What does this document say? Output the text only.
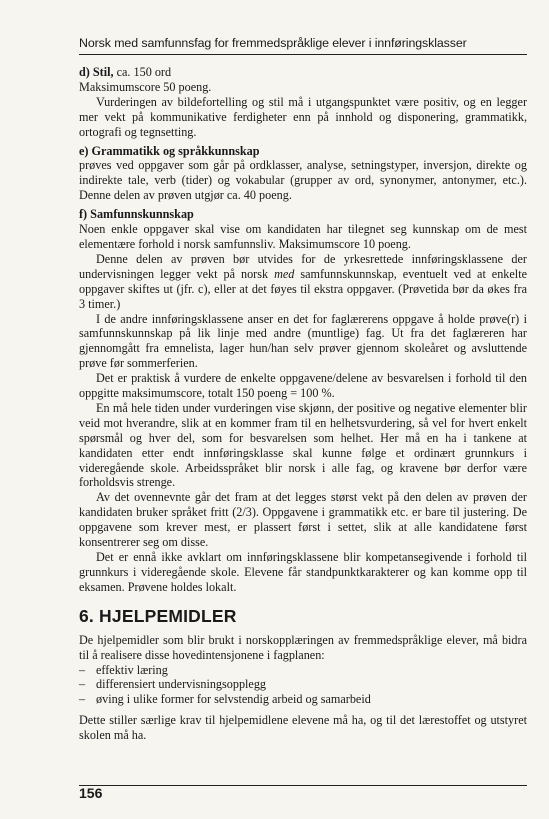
Norsk med samfunnsfag for fremmedspråklige elever i innføringsklasser

d) Stil, ca. 150 ord

Maksimumscore 50 poeng.

Vurderingen av bildefortelling og stil må i utgangspunktet være positiv, og en legger mer vekt på kommunikative ferdigheter enn på innhold og disponering, grammatikk, ortografi og tegnsetting.

e) Grammatikk og språkkunnskap

prøves ved oppgaver som går på ordklasser, analyse, setningstyper, inversjon, direkte og indirekte tale, verb (tider) og vokabular (grupper av ord, synonymer, antonymer, etc.). Denne delen av prøven utgjør ca. 40 poeng.

f) Samfunnskunnskap

Noen enkle oppgaver skal vise om kandidaten har tilegnet seg kunnskap om de mest elementære forhold i norsk samfunnsliv. Maksimumscore 10 poeng.

Denne delen av prøven bør utvides for de yrkesrettede innføringsklassene der undervisningen legger vekt på norsk med samfunnskunnskap, eventuelt ved at enkelte oppgaver skiftes ut (jfr. c), eller at det føyes til ekstra oppgaver. (Prøvetida bør da økes fra 3 timer.)

I de andre innføringsklassene anser en det for faglærerens oppgave å holde prøve(r) i samfunnskunnskap på lik linje med andre (muntlige) fag. Ut fra det faglæreren har gjennomgått fra emnelista, lager hun/han selv prøver gjennom skoleåret og avsluttende prøve før sommerferien.

Det er praktisk å vurdere de enkelte oppgavene/delene av besvarelsen i forhold til den oppgitte maksimumscore, totalt 150 poeng = 100 %.

En må hele tiden under vurderingen vise skjønn, der positive og negative elementer blir veid mot hverandre, slik at en kommer fram til en helhetsvurdering, så vel for hvert enkelt spørsmål og hver del, som for besvarelsen som helhet. Her må en ha i tankene at kandidaten etter endt innføringsklasse skal kunne følge et ordinært grunnkurs i videregående skole. Arbeidsspråket blir norsk i alle fag, og kravene bør derfor være forholdsvis strenge.

Av det ovennevnte går det fram at det legges størst vekt på den delen av prøven der kandidaten bruker språket fritt (2/3). Oppgavene i grammatikk etc. er bare til justering. De oppgavene som krever mest, er plassert først i settet, slik at alle kandidatene først konsentrerer seg om disse.

Det er ennå ikke avklart om innføringsklassene blir kompetansegivende i forhold til grunnkurs i videregående skole. Elevene får standpunktkarakterer og kan komme opp til eksamen. Prøvene holdes lokalt.

6. HJELPEMIDLER

De hjelpemidler som blir brukt i norskopplæringen av fremmedspråklige elever, må bidra til å realisere disse hovedintensjonene i fagplanen:

– effektiv læring
– differensiert undervisningsopplegg
– øving i ulike former for selvstendig arbeid og samarbeid

Dette stiller særlige krav til hjelpemidlene elevene må ha, og til det lærestoffet og utstyret skolen må ha.

156
